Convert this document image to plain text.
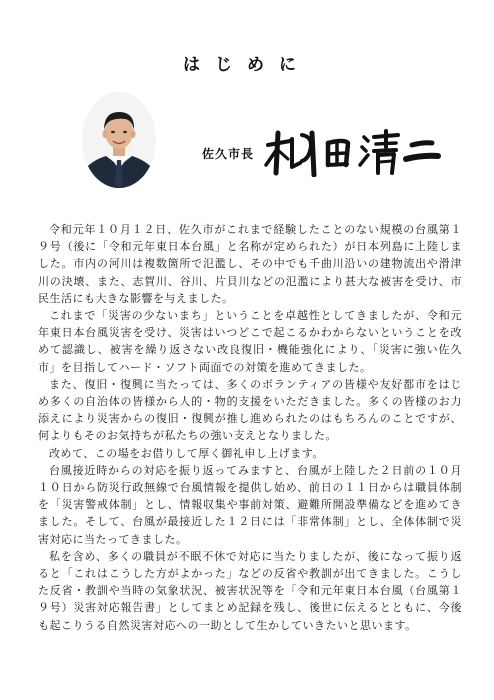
はじめに
佐久市長

令和元年１０月１２日、佐久市がこれまで経験したことのない規模の台風第１９号（後に「令和元年東日本台風」と名称が定められた）が日本列島に上陸しました。市内の河川は複数箇所で氾濫し、その中でも千曲川沿いの建物流出や滑津川の決壊、また、志賀川、谷川、片貝川などの氾濫により甚大な被害を受け、市民生活にも大きな影響を与えました。

これまで「災害の少ないまち」ということを卓越性としてきましたが、令和元年東日本台風災害を受け、災害はいつどこで起こるかわからないということを改めて認識し、被害を繰り返さない改良復旧・機能強化により、「災害に強い佐久市」を目指してハード・ソフト両面での対策を進めてきました。

また、復旧・復興に当たっては、多くのボランティアの皆様や友好都市をはじめ多くの自治体の皆様から人的・物的支援をいただきました。多くの皆様のお力添えにより災害からの復旧・復興が推し進められたのはもちろんのことですが、何よりもそのお気持ちが私たちの強い支えとなりました。

改めて、この場をお借りして厚く御礼申し上げます。

台風接近時からの対応を振り返ってみますと、台風が上陸した２日前の１０月１０日から防災行政無線で台風情報を提供し始め、前日の１１日からは職員体制を「災害警戒体制」とし、情報収集や事前対策、避難所開設準備などを進めてきました。そして、台風が最接近した１２日には「非常体制」とし、全体体制で災害対応に当たってきました。

私を含め、多くの職員が不眠不休で対応に当たりましたが、後になって振り返ると「これはこうした方がよかった」などの反省や教訓が出てきました。こうした反省・教訓や当時の気象状況、被害状況等を「令和元年東日本台風（台風第１９号）災害対応報告書」としてまとめ記録を残し、後世に伝えるとともに、今後も起こりうる自然災害対応への一助として生かしていきたいと思います。
